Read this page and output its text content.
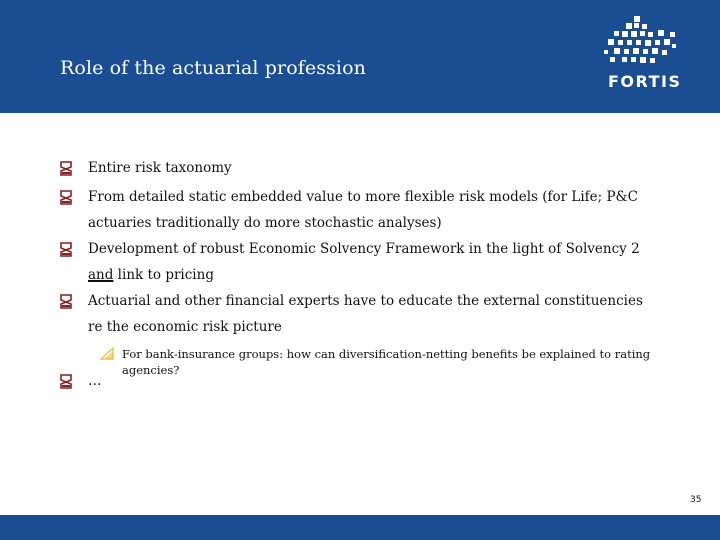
Role of the actuarial profession
FORTIS
Entire risk taxonomy
From detailed static embedded value to more flexible risk models (for Life; P&C actuaries traditionally do more stochastic analyses)
Development of robust Economic Solvency Framework in the light of Solvency 2 and link to pricing
Actuarial and other financial experts have to educate the external constituencies re the economic risk picture
For bank-insurance groups: how can diversification-netting benefits be explained to rating agencies?
…
35
